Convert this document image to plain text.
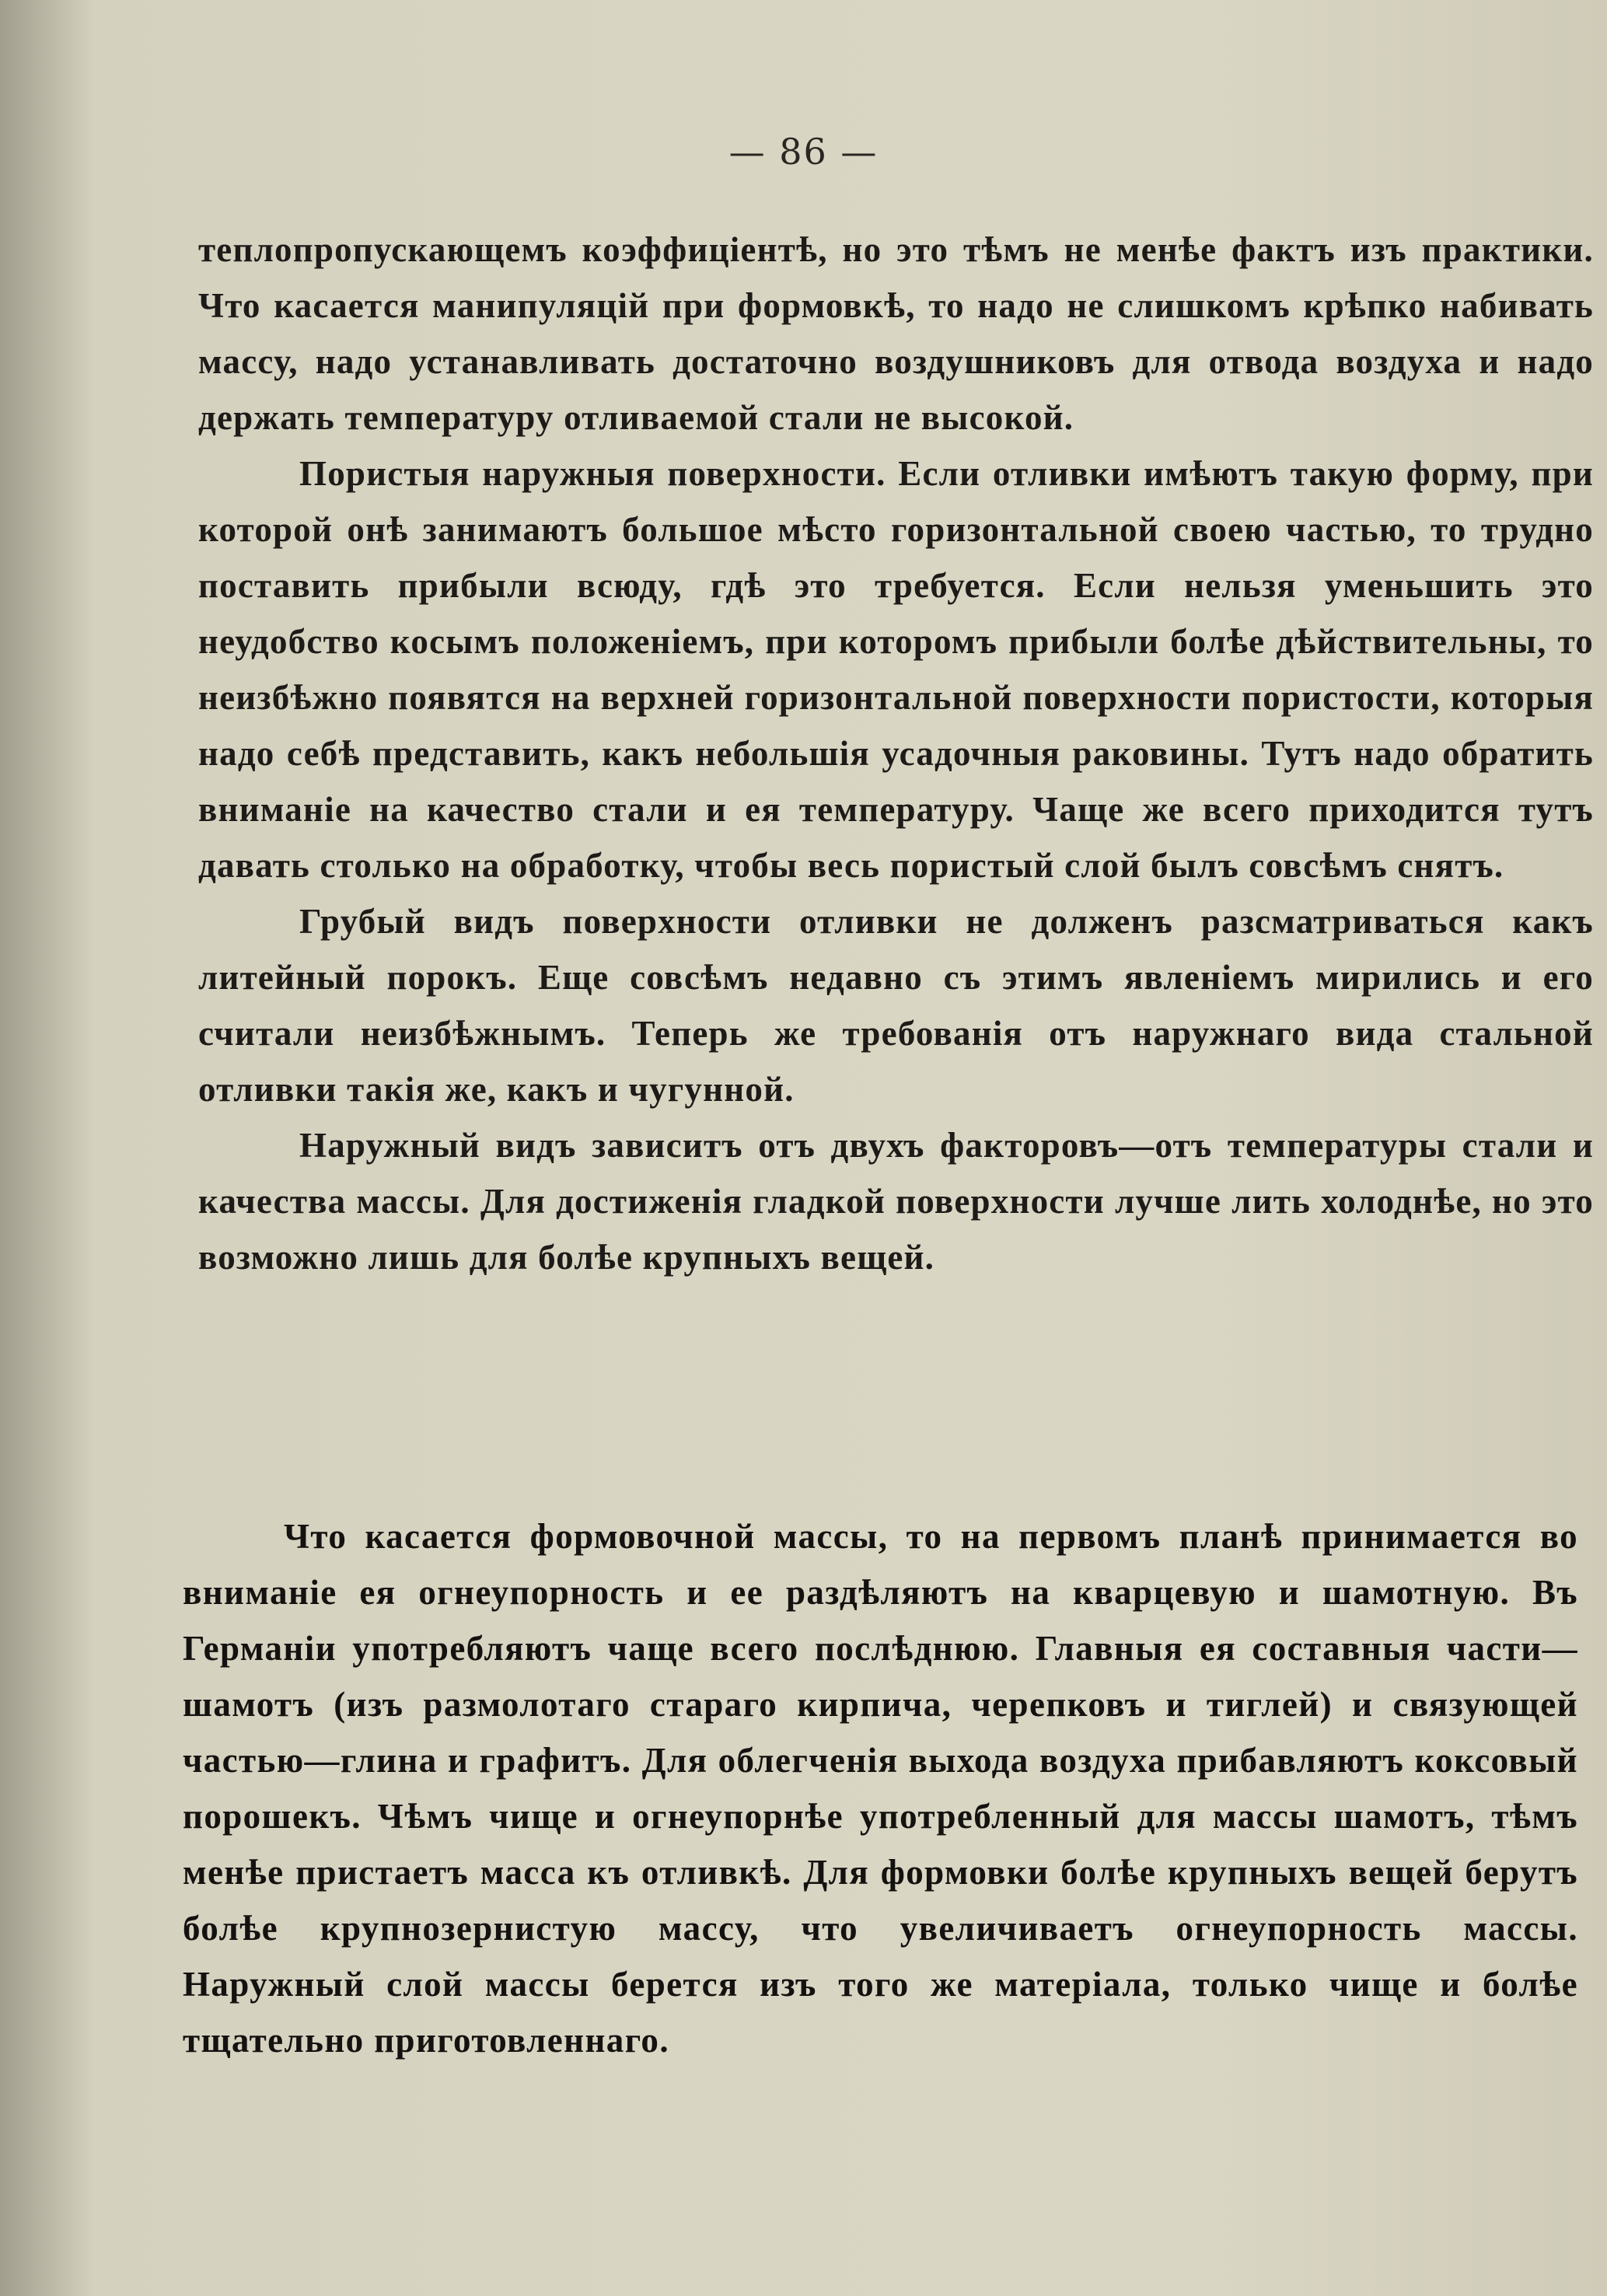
— 86 —

теплопропускающемъ коэффиціентѣ, но это тѣмъ не менѣе фактъ изъ практики. Что касается манипуляцій при формовкѣ, то надо не слишкомъ крѣпко набивать массу, надо устанавливать достаточно воздушниковъ для отвода воздуха и надо держать температуру отливаемой стали не высокой.

Пористыя наружныя поверхности. Если отливки имѣютъ такую форму, при которой онѣ занимаютъ большое мѣсто горизонтальной своею частью, то трудно поставить прибыли всюду, гдѣ это требуется. Если нельзя уменьшить это неудобство косымъ положеніемъ, при которомъ прибыли болѣе дѣйствительны, то неизбѣжно появятся на верхней горизонтальной поверхности пористости, которыя надо себѣ представить, какъ небольшія усадочныя раковины. Тутъ надо обратить вниманіе на качество стали и ея температуру. Чаще же всего приходится тутъ давать столько на обработку, чтобы весь пористый слой былъ совсѣмъ снятъ.

Грубый видъ поверхности отливки не долженъ разсматриваться какъ литейный порокъ. Еще совсѣмъ недавно съ этимъ явленіемъ мирились и его считали неизбѣжнымъ. Теперь же требованія отъ наружнаго вида стальной отливки такія же, какъ и чугунной.

Наружный видъ зависитъ отъ двухъ факторовъ—отъ температуры стали и качества массы. Для достиженія гладкой поверхности лучше лить холоднѣе, но это возможно лишь для болѣе крупныхъ вещей.

Что касается формовочной массы, то на первомъ планѣ принимается во вниманіе ея огнеупорность и ее раздѣляютъ на кварцевую и шамотную. Въ Германіи употребляютъ чаще всего послѣднюю. Главныя ея составныя части—шамотъ (изъ размолотаго стараго кирпича, черепковъ и тиглей) и связующей частью—глина и графитъ. Для облегченія выхода воздуха прибавляютъ коксовый порошекъ. Чѣмъ чище и огнеупорнѣе употребленный для массы шамотъ, тѣмъ менѣе пристаетъ масса къ отливкѣ. Для формовки болѣе крупныхъ вещей берутъ болѣе крупнозернистую массу, что увеличиваетъ огнеупорность массы. Наружный слой массы берется изъ того же матеріала, только чище и болѣе тщательно приготовленнаго.
